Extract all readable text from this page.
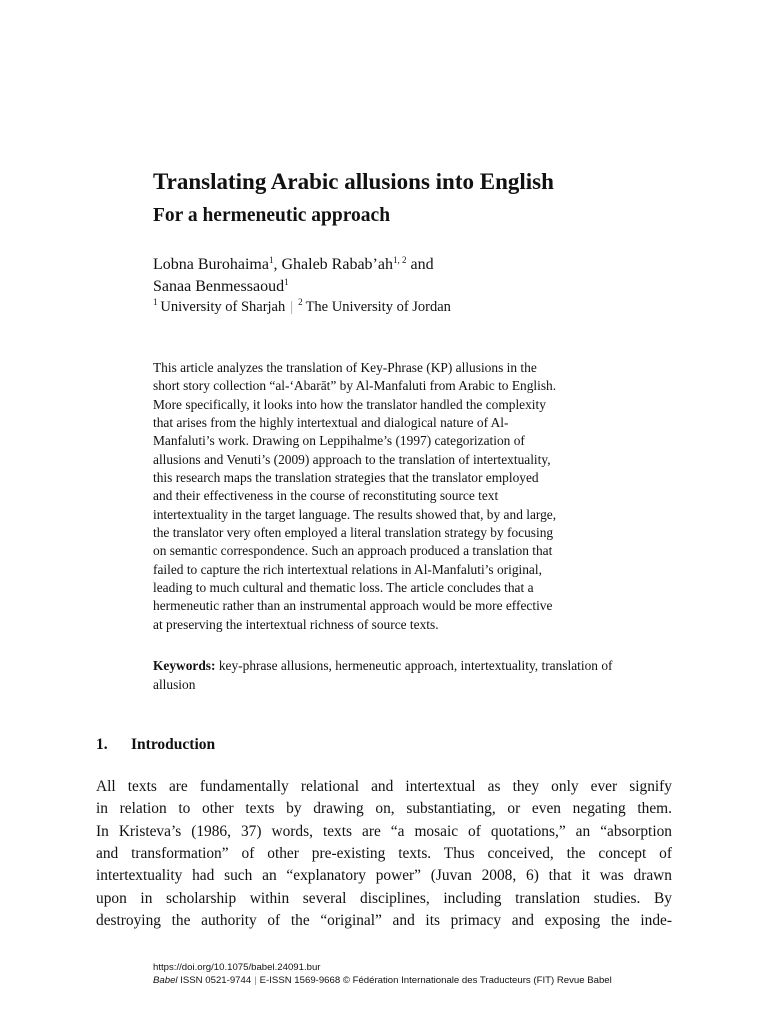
Translating Arabic allusions into English
For a hermeneutic approach
Lobna Burohaima$^1$, Ghaleb Rabab’ah$^{1, 2}$ and
Sanaa Benmessaoud$^1$
$^1$  University of Sharjah | $^2$  The University of Jordan
This article analyzes the translation of Key-Phrase (KP) allusions in the
short story collection “al-‘Abarāt” by Al-Manfaluti from Arabic to English.
More specifically, it looks into how the translator handled the complexity
that arises from the highly intertextual and dialogical nature of Al-
Manfaluti’s work. Drawing on Leppihalme’s (1997) categorization of
allusions and Venuti’s (2009) approach to the translation of intertextuality,
this research maps the translation strategies that the translator employed
and their effectiveness in the course of reconstituting source text
intertextuality in the target language. The results showed that, by and large,
the translator very often employed a literal translation strategy by focusing
on semantic correspondence. Such an approach produced a translation that
failed to capture the rich intertextual relations in Al-Manfaluti’s original,
leading to much cultural and thematic loss. The article concludes that a
hermeneutic rather than an instrumental approach would be more effective
at preserving the intertextual richness of source texts.

Keywords: key-phrase allusions, hermeneutic approach, intertextuality, translation of allusion

1. Introduction
All texts are fundamentally relational and intertextual as they only ever signify
in relation to other texts by drawing on, substantiating, or even negating them.
In Kristeva’s (1986, 37) words, texts are “a mosaic of quotations,” an “absorption
and transformation” of other pre-existing texts. Thus conceived, the concept of
intertextuality had such an “explanatory power” (Juvan 2008, 6) that it was drawn
upon in scholarship within several disciplines, including translation studies. By
destroying the authority of the “original” and its primacy and exposing the inde-
https://doi.org/10.1075/babel.24091.bur
Babel ISSN 0521-9744 | E-ISSN 1569-9668 © Fédération Internationale des Traducteurs (FIT) Revue Babel
